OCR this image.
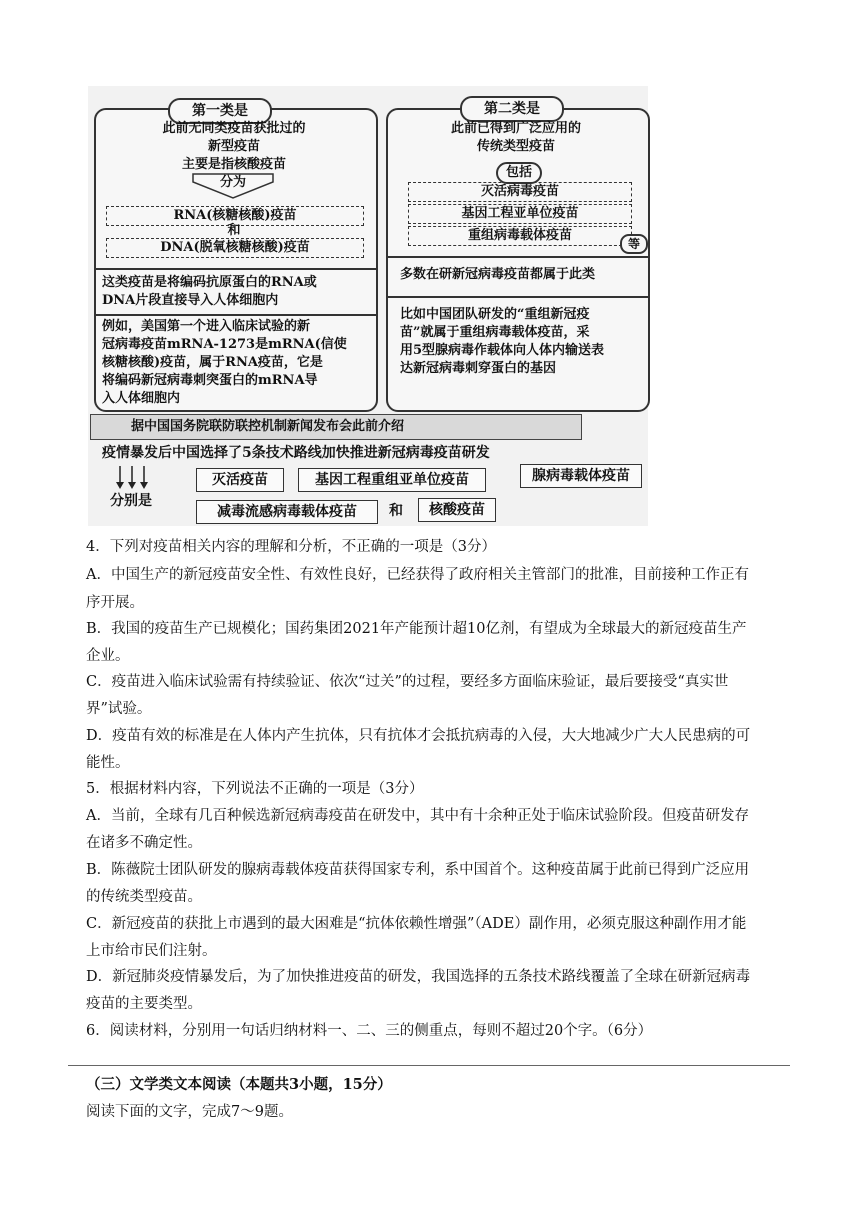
第一类是
此前无同类疫苗获批过的
新型疫苗
主要是指核酸疫苗
分为
RNA(核糖核酸)疫苗
和
DNA(脱氧核糖核酸)疫苗
这类疫苗是将编码抗原蛋白的RNA或
DNA片段直接导入人体细胞内
例如，美国第一个进入临床试验的新
冠病毒疫苗mRNA-1273是mRNA(信使
核糖核酸)疫苗，属于RNA疫苗，它是
将编码新冠病毒刺突蛋白的mRNA导
入人体细胞内
第二类是
此前已得到广泛应用的
传统类型疫苗
包括
灭活病毒疫苗
基因工程亚单位疫苗
重组病毒载体疫苗
等
多数在研新冠病毒疫苗都属于此类
比如中国团队研发的“重组新冠疫
苗”就属于重组病毒载体疫苗，采
用5型腺病毒作载体向人体内输送表
达新冠病毒刺穿蛋白的基因
据中国国务院联防联控机制新闻发布会此前介绍
疫情暴发后中国选择了5条技术路线加快推进新冠病毒疫苗研发
分别是
灭活疫苗	基因工程重组亚单位疫苗	腺病毒载体疫苗
减毒流感病毒载体疫苗	和	核酸疫苗
4．下列对疫苗相关内容的理解和分析，不正确的一项是（3分）
A．中国生产的新冠疫苗安全性、有效性良好，已经获得了政府相关主管部门的批准，目前接种工作正有
序开展。
B．我国的疫苗生产已规模化；国药集团2021年产能预计超10亿剂，有望成为全球最大的新冠疫苗生产
企业。
C．疫苗进入临床试验需有持续验证、依次“过关”的过程，要经多方面临床验证，最后要接受“真实世
界”试验。
D．疫苗有效的标准是在人体内产生抗体，只有抗体才会抵抗病毒的入侵，大大地减少广大人民患病的可
能性。
5．根据材料内容，下列说法不正确的一项是（3分）
A．当前，全球有几百种候选新冠病毒疫苗在研发中，其中有十余种正处于临床试验阶段。但疫苗研发存
在诸多不确定性。
B．陈薇院士团队研发的腺病毒载体疫苗获得国家专利，系中国首个。这种疫苗属于此前已得到广泛应用
的传统类型疫苗。
C．新冠疫苗的获批上市遇到的最大困难是“抗体依赖性增强”（ADE）副作用，必须克服这种副作用才能
上市给市民们注射。
D．新冠肺炎疫情暴发后，为了加快推进疫苗的研发，我国选择的五条技术路线覆盖了全球在研新冠病毒
疫苗的主要类型。
6．阅读材料，分别用一句话归纳材料一、二、三的侧重点，每则不超过20个字。（6分）
（三）文学类文本阅读（本题共3小题，15分）
阅读下面的文字，完成7～9题。
